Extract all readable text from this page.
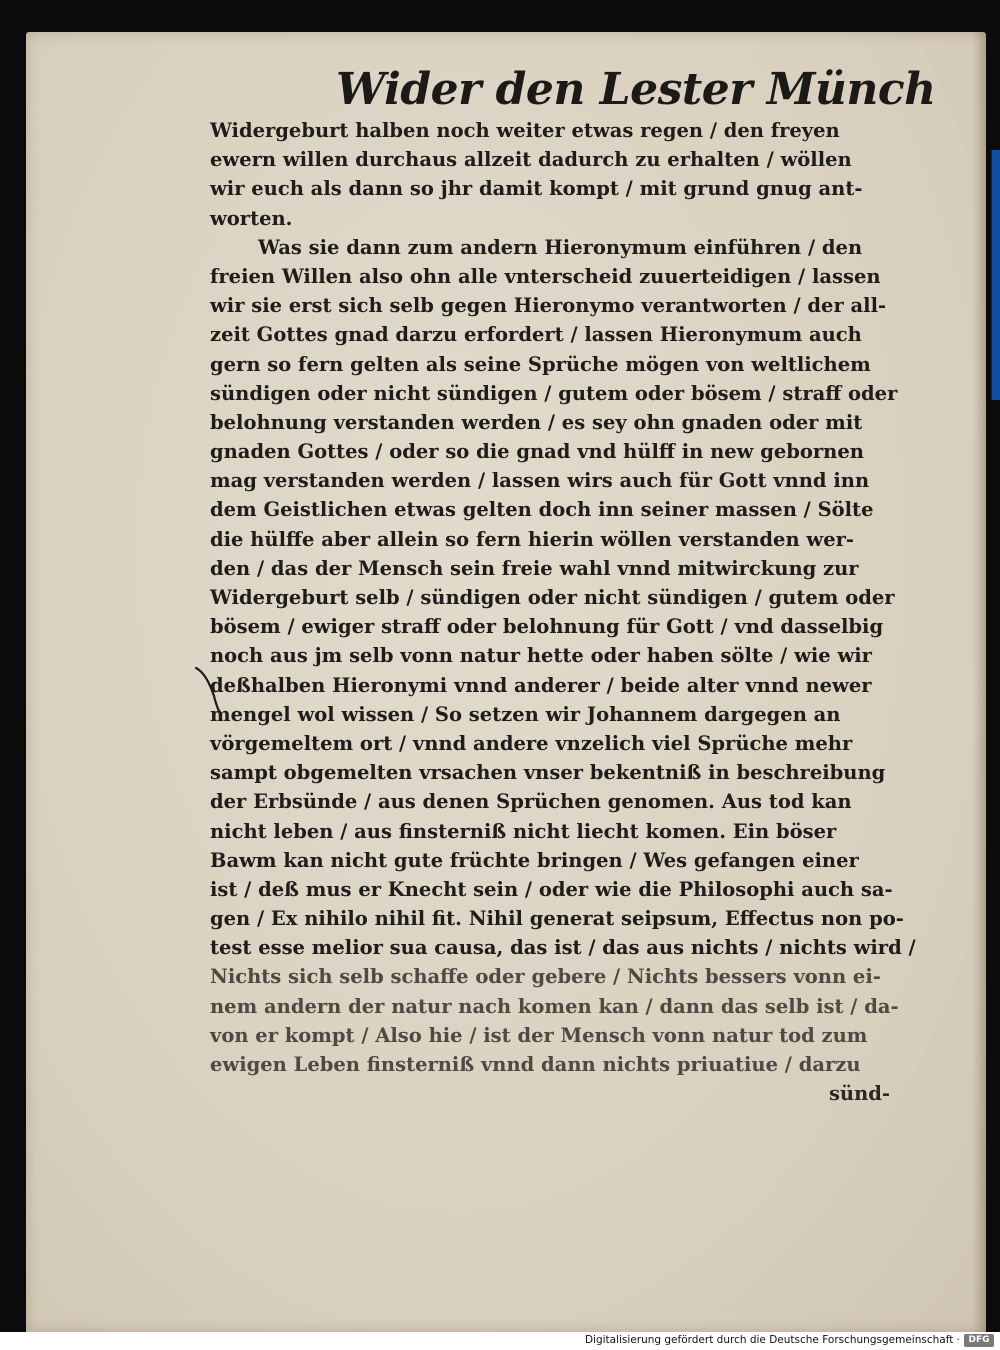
Wider den Lester Münch
Widergeburt halben noch weiter etwas regen / den freyen
ewern willen durchaus allzeit dadurch zu erhalten / wöllen
wir euch als dann so jhr damit kompt / mit grund gnug ant-
worten.
Was sie dann zum andern Hieronymum einführen / den
freien Willen also ohn alle vnterscheid zuuerteidigen / lassen
wir sie erst sich selb gegen Hieronymo verantworten / der all-
zeit Gottes gnad darzu erfordert / lassen Hieronymum auch
gern so fern gelten als seine Sprüche mögen von weltlichem
sündigen oder nicht sündigen / gutem oder bösem / straff oder
belohnung verstanden werden / es sey ohn gnaden oder mit
gnaden Gottes / oder so die gnad vnd hülff in new gebornen
mag verstanden werden / lassen wirs auch für Gott vnnd inn
dem Geistlichen etwas gelten doch inn seiner massen / Sölte
die hülffe aber allein so fern hierin wöllen verstanden wer-
den / das der Mensch sein freie wahl vnnd mitwirckung zur
Widergeburt selb / sündigen oder nicht sündigen / gutem oder
bösem / ewiger straff oder belohnung für Gott / vnd dasselbig
noch aus jm selb vonn natur hette oder haben sölte / wie wir
deßhalben Hieronymi vnnd anderer / beide alter vnnd newer
mengel wol wissen / So setzen wir Johannem dargegen an
vörgemeltem ort / vnnd andere vnzelich viel Sprüche mehr
sampt obgemelten vrsachen vnser bekentniß in beschreibung
der Erbsünde / aus denen Sprüchen genomen. Aus tod kan
nicht leben / aus finsterniß nicht liecht komen. Ein böser
Bawm kan nicht gute früchte bringen / Wes gefangen einer
ist / deß mus er Knecht sein / oder wie die Philosophi auch sa-
gen / Ex nihilo nihil fit. Nihil generat seipsum, Effectus non po-
test esse melior sua causa, das ist / das aus nichts / nichts wird /
Nichts sich selb schaffe oder gebere / Nichts bessers vonn ei-
nem andern der natur nach komen kan / dann das selb ist / da-
von er kompt / Also hie / ist der Mensch vonn natur tod zum
ewigen Leben finsterniß vnnd dann nichts priuatiue / darzu
sünd-
Digitalisierung gefördert durch die Deutsche Forschungsgemeinschaft · DFG
